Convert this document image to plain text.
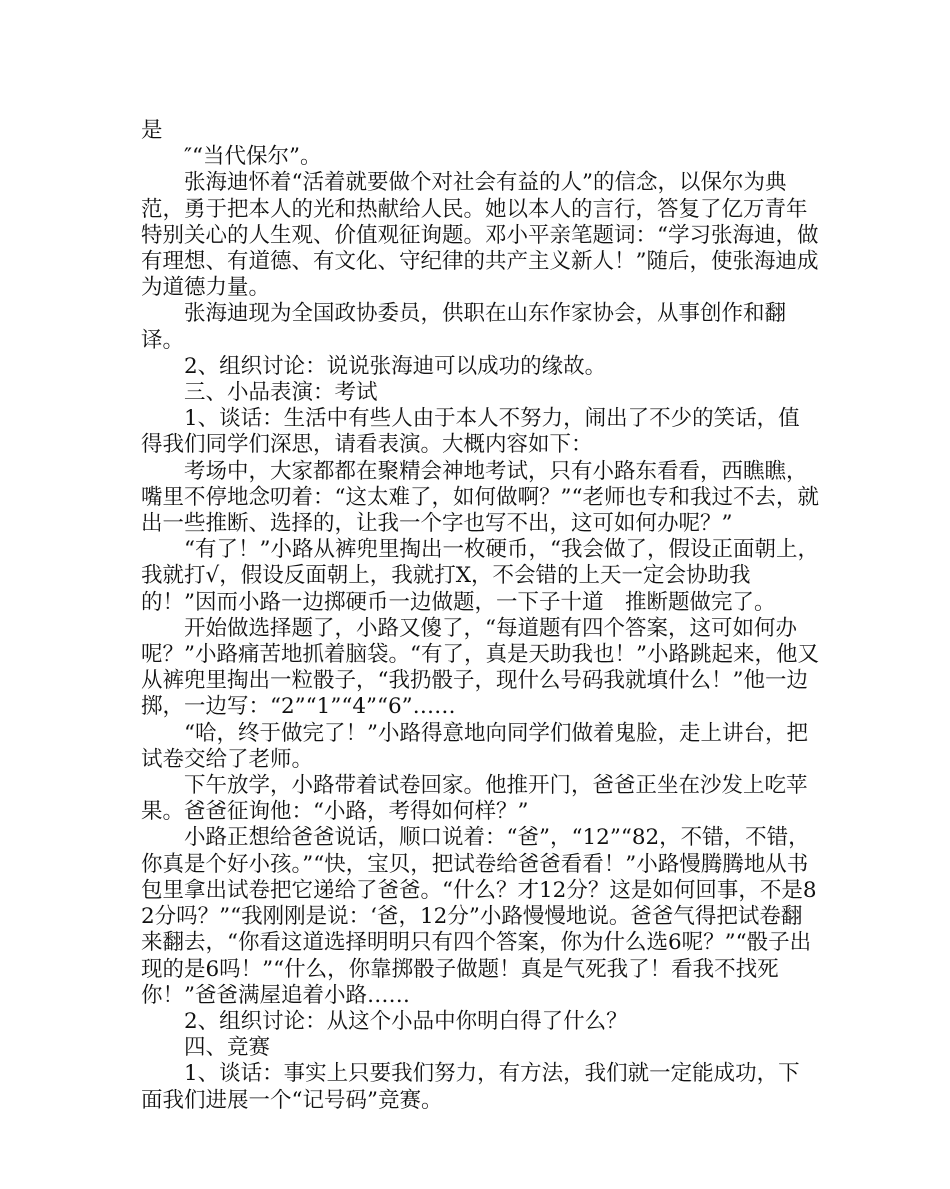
是

″“当代保尔”。

张海迪怀着“活着就要做个对社会有益的人”的信念，以保尔为典范，勇于把本人的光和热献给人民。她以本人的言行，答复了亿万青年特别关心的人生观、价值观征询题。邓小平亲笔题词：“学习张海迪，做有理想、有道德、有文化、守纪律的共产主义新人！”随后，使张海迪成为道德力量。

张海迪现为全国政协委员，供职在山东作家协会，从事创作和翻译。

2、组织讨论：说说张海迪可以成功的缘故。

三、小品表演：考试

1、谈话：生活中有些人由于本人不努力，闹出了不少的笑话，值得我们同学们深思，请看表演。大概内容如下：

考场中，大家都都在聚精会神地考试，只有小路东看看，西瞧瞧，嘴里不停地念叨着：“这太难了，如何做啊？”“老师也专和我过不去，就出一些推断、选择的，让我一个字也写不出，这可如何办呢？”

“有了！”小路从裤兜里掏出一枚硬币，“我会做了，假设正面朝上，我就打√，假设反面朝上，我就打X，不会错的上天一定会协助我的！”因而小路一边掷硬币一边做题，一下子十道　推断题做完了。

开始做选择题了，小路又傻了，“每道题有四个答案，这可如何办呢？”小路痛苦地抓着脑袋。“有了，真是天助我也！”小路跳起来，他又从裤兜里掏出一粒骰子，“我扔骰子，现什么号码我就填什么！”他一边掷，一边写：“2”“1”“4”“6”……

“哈，终于做完了！”小路得意地向同学们做着鬼脸，走上讲台，把试卷交给了老师。

下午放学，小路带着试卷回家。他推开门，爸爸正坐在沙发上吃苹果。爸爸征询他：“小路，考得如何样？”

小路正想给爸爸说话，顺口说着：“爸”，“12”“82，不错，不错，你真是个好小孩。”“快，宝贝，把试卷给爸爸看看！”小路慢腾腾地从书包里拿出试卷把它递给了爸爸。“什么？才12分？这是如何回事，不是82分吗？”“我刚刚是说：‘爸，12分”小路慢慢地说。爸爸气得把试卷翻来翻去，“你看这道选择明明只有四个答案，你为什么选6呢？”“骰子出现的是6吗！”“什么，你靠掷骰子做题！真是气死我了！看我不找死你！”爸爸满屋追着小路……

2、组织讨论：从这个小品中你明白得了什么？

四、竞赛

1、谈话：事实上只要我们努力，有方法，我们就一定能成功，下面我们进展一个“记号码”竞赛。
